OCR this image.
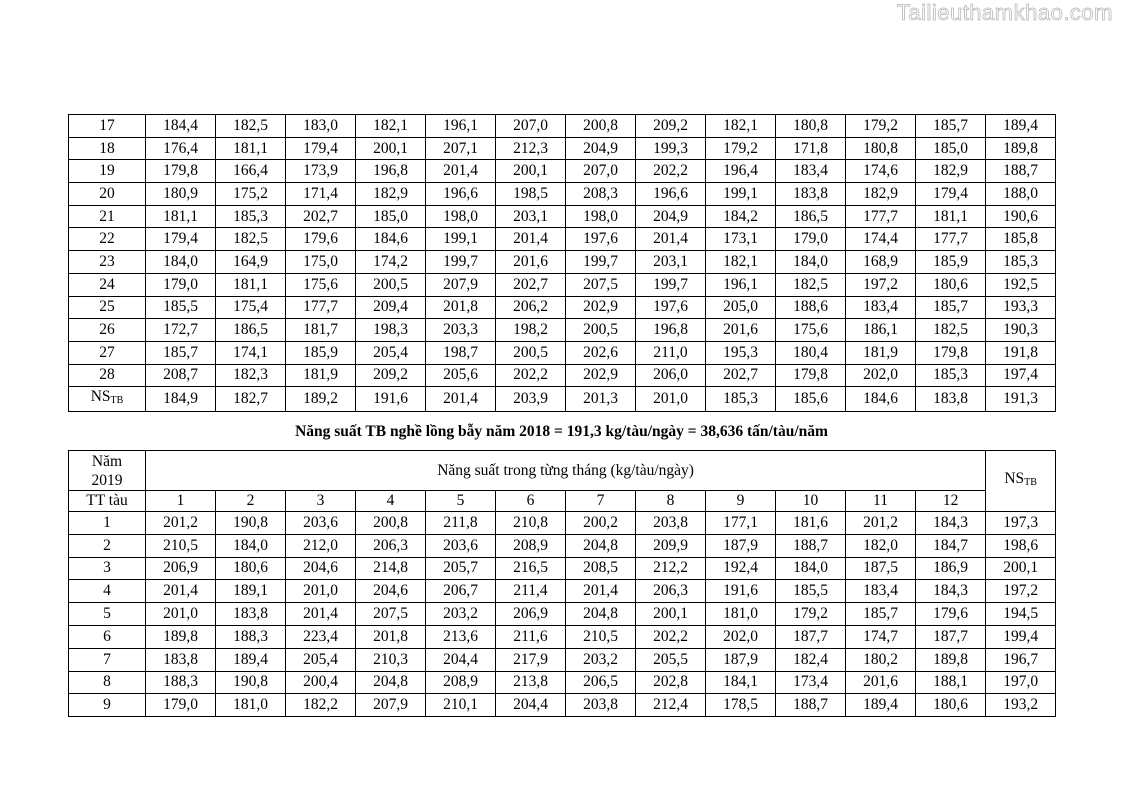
Tailieuthamkhao.com
17	184,4	182,5	183,0	182,1	196,1	207,0	200,8	209,2	182,1	180,8	179,2	185,7	189,4
18	176,4	181,1	179,4	200,1	207,1	212,3	204,9	199,3	179,2	171,8	180,8	185,0	189,8
19	179,8	166,4	173,9	196,8	201,4	200,1	207,0	202,2	196,4	183,4	174,6	182,9	188,7
20	180,9	175,2	171,4	182,9	196,6	198,5	208,3	196,6	199,1	183,8	182,9	179,4	188,0
21	181,1	185,3	202,7	185,0	198,0	203,1	198,0	204,9	184,2	186,5	177,7	181,1	190,6
22	179,4	182,5	179,6	184,6	199,1	201,4	197,6	201,4	173,1	179,0	174,4	177,7	185,8
23	184,0	164,9	175,0	174,2	199,7	201,6	199,7	203,1	182,1	184,0	168,9	185,9	185,3
24	179,0	181,1	175,6	200,5	207,9	202,7	207,5	199,7	196,1	182,5	197,2	180,6	192,5
25	185,5	175,4	177,7	209,4	201,8	206,2	202,9	197,6	205,0	188,6	183,4	185,7	193,3
26	172,7	186,5	181,7	198,3	203,3	198,2	200,5	196,8	201,6	175,6	186,1	182,5	190,3
27	185,7	174,1	185,9	205,4	198,7	200,5	202,6	211,0	195,3	180,4	181,9	179,8	191,8
28	208,7	182,3	181,9	209,2	205,6	202,2	202,9	206,0	202,7	179,8	202,0	185,3	197,4
$NS_{TB}$	184,9	182,7	189,2	191,6	201,4	203,9	201,3	201,0	185,3	185,6	184,6	183,8	191,3
Năng suất TB nghề lồng bẫy năm 2018 = 191,3 kg/tàu/ngày = 38,636 tấn/tàu/năm
Năm
2019	Năng suất trong từng tháng (kg/tàu/ngày)												$NS_{TB}$
TT tàu	1	2	3	4	5	6	7	8	9	10	11	12	
1	201,2	190,8	203,6	200,8	211,8	210,8	200,2	203,8	177,1	181,6	201,2	184,3	197,3
2	210,5	184,0	212,0	206,3	203,6	208,9	204,8	209,9	187,9	188,7	182,0	184,7	198,6
3	206,9	180,6	204,6	214,8	205,7	216,5	208,5	212,2	192,4	184,0	187,5	186,9	200,1
4	201,4	189,1	201,0	204,6	206,7	211,4	201,4	206,3	191,6	185,5	183,4	184,3	197,2
5	201,0	183,8	201,4	207,5	203,2	206,9	204,8	200,1	181,0	179,2	185,7	179,6	194,5
6	189,8	188,3	223,4	201,8	213,6	211,6	210,5	202,2	202,0	187,7	174,7	187,7	199,4
7	183,8	189,4	205,4	210,3	204,4	217,9	203,2	205,5	187,9	182,4	180,2	189,8	196,7
8	188,3	190,8	200,4	204,8	208,9	213,8	206,5	202,8	184,1	173,4	201,6	188,1	197,0
9	179,0	181,0	182,2	207,9	210,1	204,4	203,8	212,4	178,5	188,7	189,4	180,6	193,2
